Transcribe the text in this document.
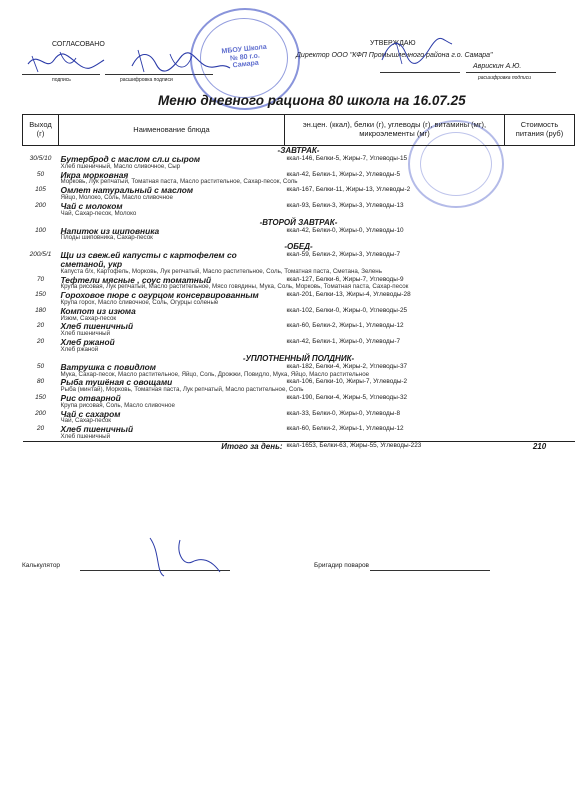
СОГЛАСОВАНО
подпись	расшифровка подписи
УТВЕРЖДАЮ
Директор ООО "КФП Промышленного района г.о. Самара"
Аврискин А.Ю.
расшифровка подписи
МБОУ Школа № 80 г.о. Самара
Меню дневного рациона 80 школа на 16.07.25
Выход (г)	Наименование блюда	эн.цен. (ккал), белки (г), углеводы (г), витамины (мг), микроэлементы (мг)	Стоимость питания (руб)
-ЗАВТРАК-			
30/5/10	Бутерброд с маслом сл.и сыром	ккал-146, Белки-5, Жиры-7, Углеводы-15	
	Хлеб пшеничный, Масло сливочное, Сыр		
50	Икра морковная	ккал-42, Белки-1, Жиры-2, Углеводы-5	
	Морковь, Лук репчатый, Томатная паста, Масло растительное, Сахар-песок, Соль		
105	Омлет натуральный с маслом	ккал-167, Белки-11, Жиры-13, Углеводы-2	
	Яйцо, Молоко, Соль, Масло сливочное		
200	Чай с молоком	ккал-93, Белки-3, Жиры-3, Углеводы-13	
	Чай, Сахар-песок, Молоко		
-ВТОРОЙ ЗАВТРАК-			
100	Напиток из шиповника	ккал-42, Белки-0, Жиры-0, Углеводы-10	
	Плоды шиповника, Сахар-песок		
-ОБЕД-			
200/5/1	Щи из свеж.ей капусты с картофелем со сметаной, укр	ккал-59, Белки-2, Жиры-3, Углеводы-7	
	Капуста б/х, Картофель, Морковь, Лук репчатый, Масло растительное, Соль, Томатная паста, Сметана, Зелень		
70	Тефтели мясные , соус томатный	ккал-127, Белки-6, Жиры-7, Углеводы-9	
	Крупа рисовая, Лук репчатый, Масло растительное, Мясо говядины, Мука, Соль, Морковь, Томатная паста, Сахар-песок		
150	Гороховое пюре с огурцом консервированным	ккал-201, Белки-13, Жиры-4, Углеводы-28	
	Крупа горох, Масло сливочное, Соль, Огурцы соленые		
180	Компот из изюма	ккал-102, Белки-0, Жиры-0, Углеводы-25	
	Изюм, Сахар-песок		
20	Хлеб пшеничный	ккал-60, Белки-2, Жиры-1, Углеводы-12	
	Хлеб пшеничный		
20	Хлеб ржаной	ккал-42, Белки-1, Жиры-0, Углеводы-7	
	Хлеб ржаной		
-УПЛОТНЕННЫЙ ПОЛДНИК-			
50	Ватрушка с повидлом	ккал-182, Белки-4, Жиры-2, Углеводы-37	
	Мука, Сахар-песок, Масло растительное, Яйцо, Соль, Дрожжи, Повидло, Мука, Яйцо, Масло растительное		
80	Рыба тушёная с овощами	ккал-106, Белки-10, Жиры-7, Углеводы-2	
	Рыба (минтай), Морковь, Томатная паста, Лук репчатый, Масло растительное, Соль		
150	Рис отварной	ккал-190, Белки-4, Жиры-5, Углеводы-32	
	Крупа рисовая, Соль, Масло сливочное		
200	Чай с сахаром	ккал-33, Белки-0, Жиры-0, Углеводы-8	
	Чай, Сахар-песок		
20	Хлеб пшеничный	ккал-60, Белки-2, Жиры-1, Углеводы-12	
	Хлеб пшеничный		
	Итого за день:	ккал-1653, Белки-63, Жиры-55, Углеводы-223	210
Калькулятор	Бригадир поваров
